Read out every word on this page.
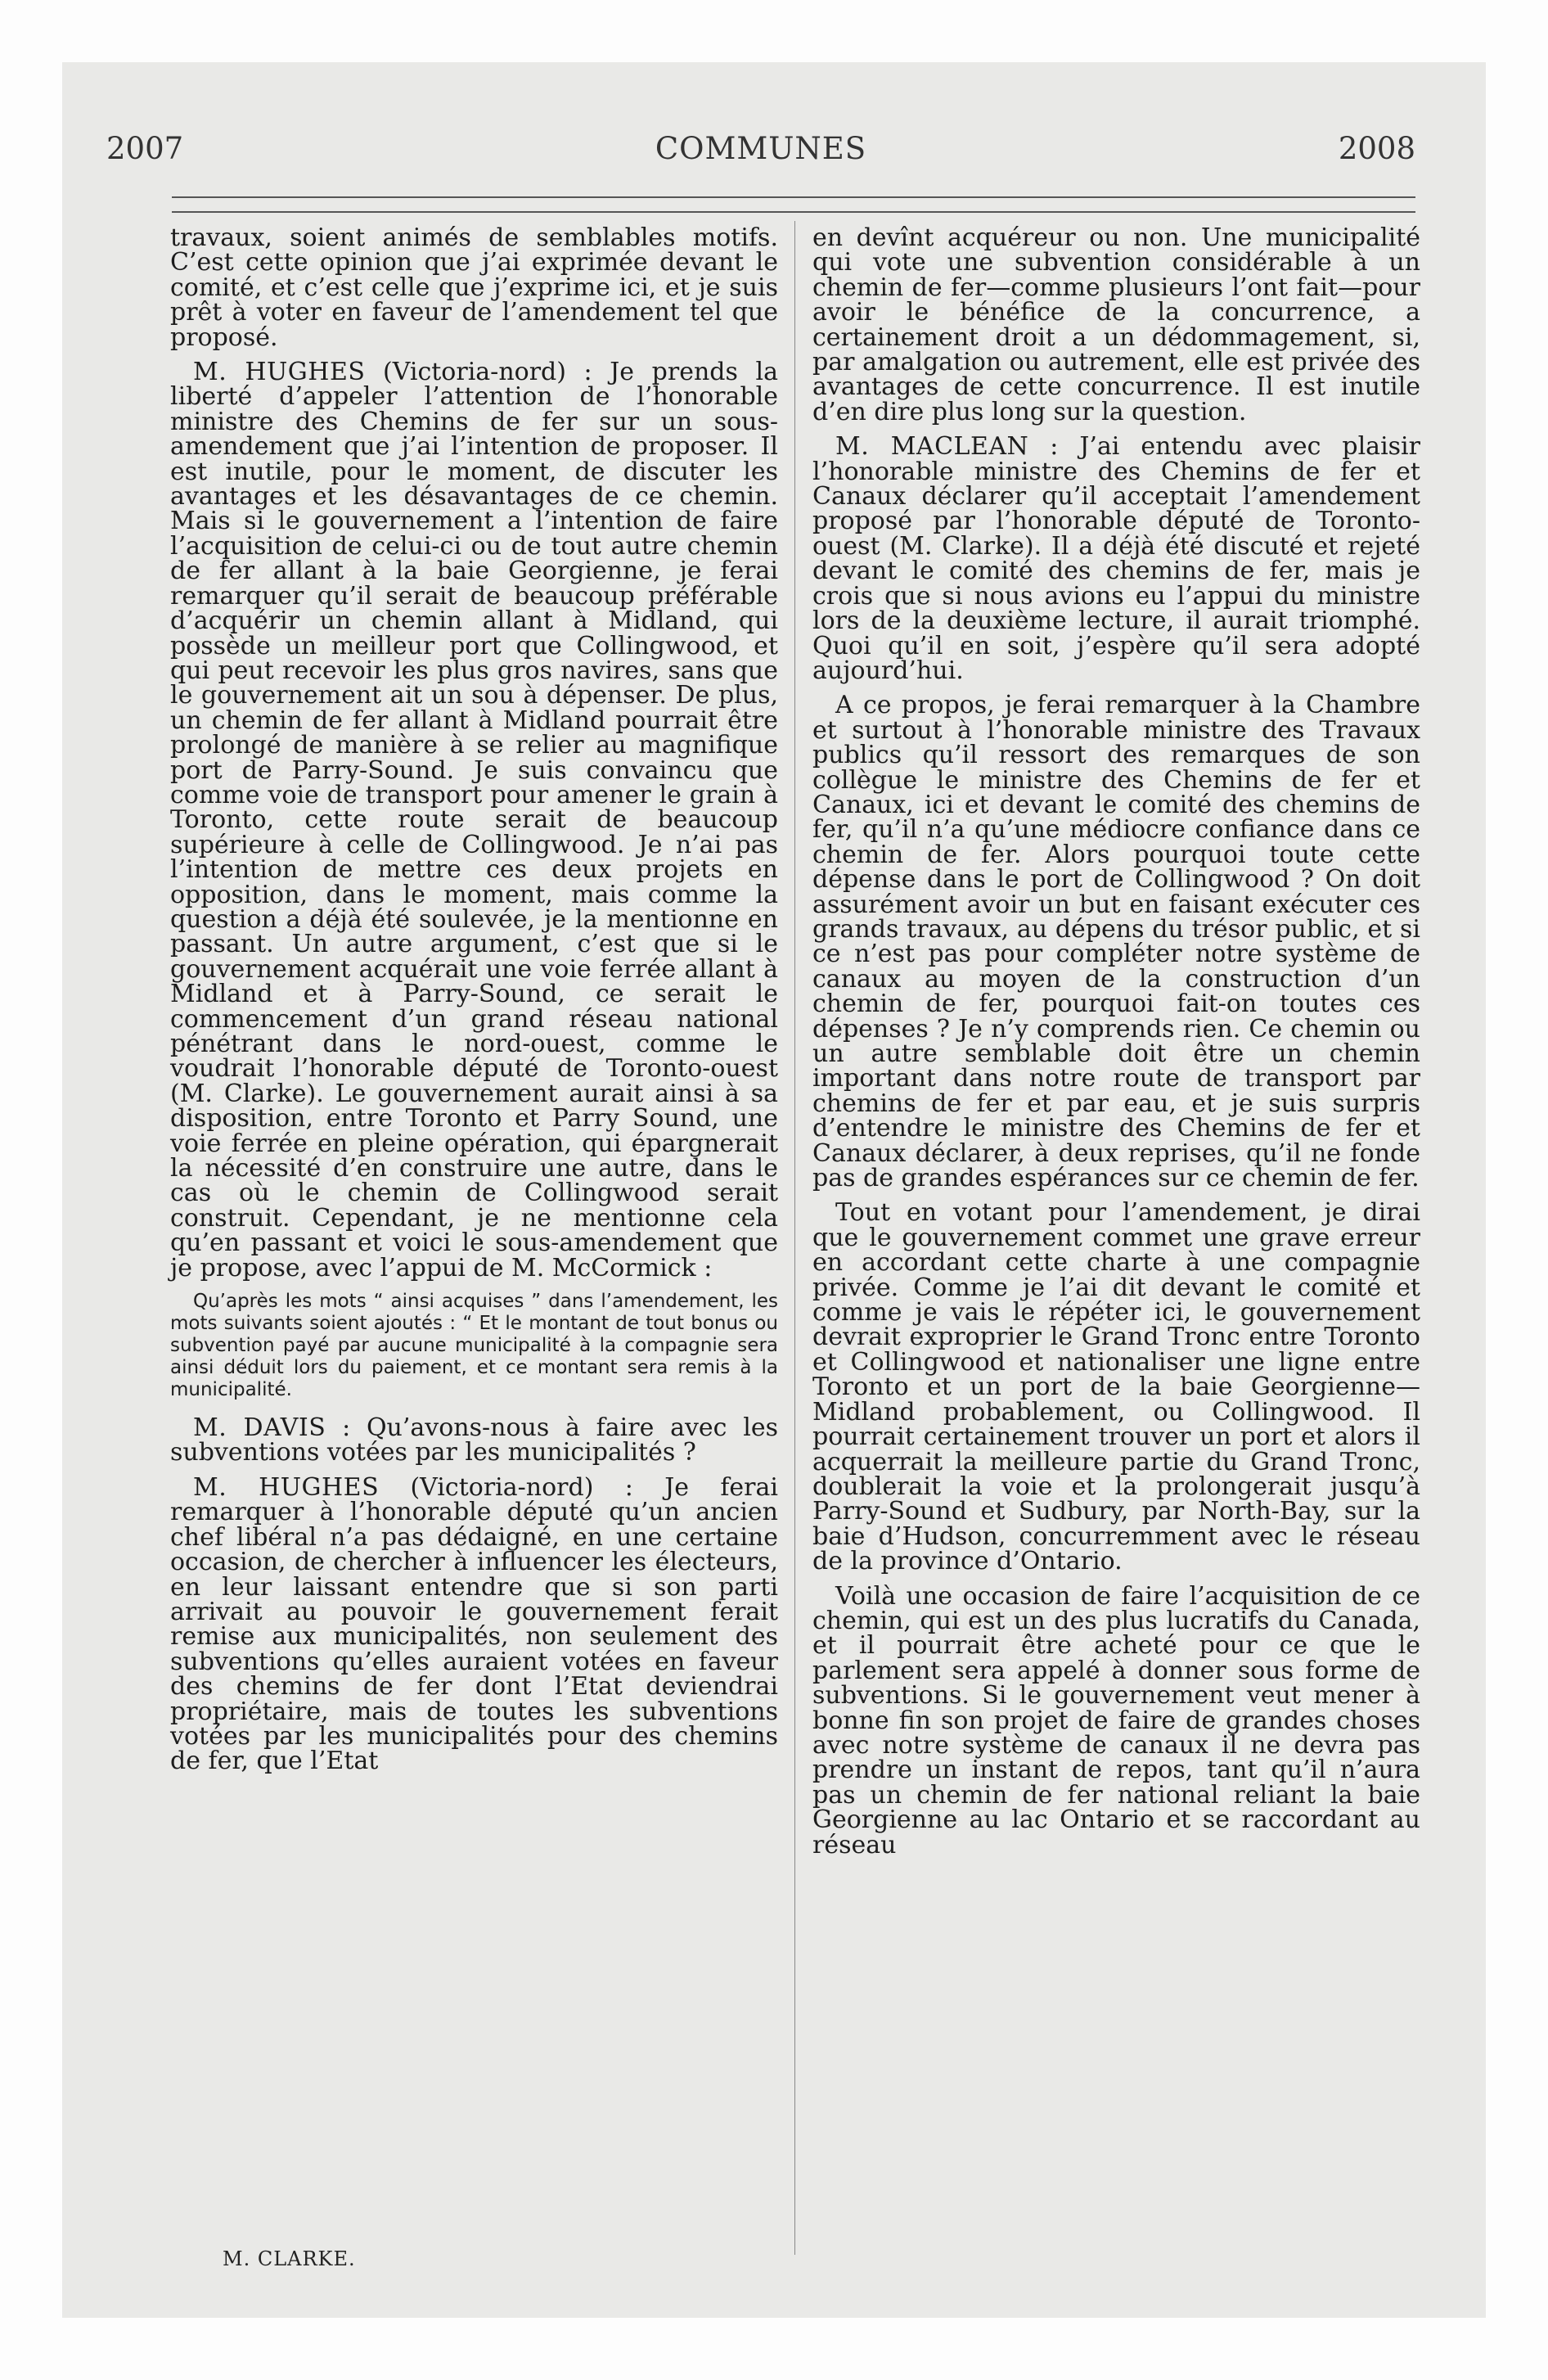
2007	COMMUNES	2008

travaux, soient animés de semblables motifs. C’est cette opinion que j’ai exprimée devant le comité, et c’est celle que j’exprime ici, et je suis prêt à voter en faveur de l’amendement tel que proposé.

M. HUGHES (Victoria-nord) : Je prends la liberté d’appeler l’attention de l’honorable ministre des Chemins de fer sur un sous-amendement que j’ai l’intention de proposer. Il est inutile, pour le moment, de discuter les avantages et les désavantages de ce chemin. Mais si le gouvernement a l’intention de faire l’acquisition de celui-ci ou de tout autre chemin de fer allant à la baie Georgienne, je ferai remarquer qu’il serait de beaucoup préférable d’acquérir un chemin allant à Midland, qui possède un meilleur port que Collingwood, et qui peut recevoir les plus gros navires, sans que le gouvernement ait un sou à dépenser. De plus, un chemin de fer allant à Midland pourrait être prolongé de manière à se relier au magnifique port de Parry-Sound. Je suis convaincu que comme voie de transport pour amener le grain à Toronto, cette route serait de beaucoup supérieure à celle de Collingwood. Je n’ai pas l’intention de mettre ces deux projets en opposition, dans le moment, mais comme la question a déjà été soulevée, je la mentionne en passant. Un autre argument, c’est que si le gouvernement acquérait une voie ferrée allant à Midland et à Parry-Sound, ce serait le commencement d’un grand réseau national pénétrant dans le nord-ouest, comme le voudrait l’honorable député de Toronto-ouest (M. Clarke). Le gouvernement aurait ainsi à sa disposition, entre Toronto et Parry Sound, une voie ferrée en pleine opération, qui épargnerait la nécessité d’en construire une autre, dans le cas où le chemin de Collingwood serait construit. Cependant, je ne mentionne cela qu’en passant et voici le sous-amendement que je propose, avec l’appui de M. McCormick :

Qu’après les mots “ ainsi acquises ” dans l’amendement, les mots suivants soient ajoutés : “ Et le montant de tout bonus ou subvention payé par aucune municipalité à la compagnie sera ainsi déduit lors du paiement, et ce montant sera remis à la municipalité.

M. DAVIS : Qu’avons-nous à faire avec les subventions votées par les municipalités ?

M. HUGHES (Victoria-nord) : Je ferai remarquer à l’honorable député qu’un ancien chef libéral n’a pas dédaigné, en une certaine occasion, de chercher à influencer les électeurs, en leur laissant entendre que si son parti arrivait au pouvoir le gouvernement ferait remise aux municipalités, non seulement des subventions qu’elles auraient votées en faveur des chemins de fer dont l’Etat deviendrai propriétaire, mais de toutes les subventions votées par les municipalités pour des chemins de fer, que l’Etat

en devînt acquéreur ou non. Une municipalité qui vote une subvention considérable à un chemin de fer—comme plusieurs l’ont fait—pour avoir le bénéfice de la concurrence, a certainement droit a un dédommagement, si, par amalgation ou autrement, elle est privée des avantages de cette concurrence. Il est inutile d’en dire plus long sur la question.

M. MACLEAN : J’ai entendu avec plaisir l’honorable ministre des Chemins de fer et Canaux déclarer qu’il acceptait l’amendement proposé par l’honorable député de Toronto-ouest (M. Clarke). Il a déjà été discuté et rejeté devant le comité des chemins de fer, mais je crois que si nous avions eu l’appui du ministre lors de la deuxième lecture, il aurait triomphé. Quoi qu’il en soit, j’espère qu’il sera adopté aujourd’hui.

A ce propos, je ferai remarquer à la Chambre et surtout à l’honorable ministre des Travaux publics qu’il ressort des remarques de son collègue le ministre des Chemins de fer et Canaux, ici et devant le comité des chemins de fer, qu’il n’a qu’une médiocre confiance dans ce chemin de fer. Alors pourquoi toute cette dépense dans le port de Collingwood ? On doit assurément avoir un but en faisant exécuter ces grands travaux, au dépens du trésor public, et si ce n’est pas pour compléter notre système de canaux au moyen de la construction d’un chemin de fer, pourquoi fait-on toutes ces dépenses ? Je n’y comprends rien. Ce chemin ou un autre semblable doit être un chemin important dans notre route de transport par chemins de fer et par eau, et je suis surpris d’entendre le ministre des Chemins de fer et Canaux déclarer, à deux reprises, qu’il ne fonde pas de grandes espérances sur ce chemin de fer.

Tout en votant pour l’amendement, je dirai que le gouvernement commet une grave erreur en accordant cette charte à une compagnie privée. Comme je l’ai dit devant le comité et comme je vais le répéter ici, le gouvernement devrait exproprier le Grand Tronc entre Toronto et Collingwood et nationaliser une ligne entre Toronto et un port de la baie Georgienne—Midland probablement, ou Collingwood. Il pourrait certainement trouver un port et alors il acquerrait la meilleure partie du Grand Tronc, doublerait la voie et la prolongerait jusqu’à Parry-Sound et Sudbury, par North-Bay, sur la baie d’Hudson, concurremment avec le réseau de la province d’Ontario.

Voilà une occasion de faire l’acquisition de ce chemin, qui est un des plus lucratifs du Canada, et il pourrait être acheté pour ce que le parlement sera appelé à donner sous forme de subventions. Si le gouvernement veut mener à bonne fin son projet de faire de grandes choses avec notre système de canaux il ne devra pas prendre un instant de repos, tant qu’il n’aura pas un chemin de fer national reliant la baie Georgienne au lac Ontario et se raccordant au réseau

M. CLARKE.
